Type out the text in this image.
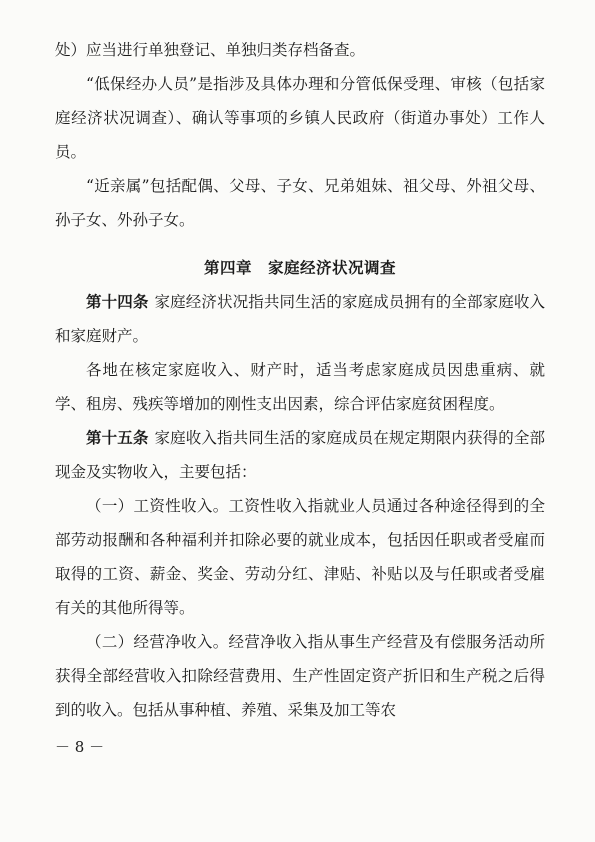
处）应当进行单独登记、单独归类存档备查。

“低保经办人员”是指涉及具体办理和分管低保受理、审核（包括家庭经济状况调查）、确认等事项的乡镇人民政府（街道办事处）工作人员。

“近亲属”包括配偶、父母、子女、兄弟姐妹、祖父母、外祖父母、孙子女、外孙子女。

第四章　家庭经济状况调查

第十四条 家庭经济状况指共同生活的家庭成员拥有的全部家庭收入和家庭财产。

各地在核定家庭收入、财产时，适当考虑家庭成员因患重病、就学、租房、残疾等增加的刚性支出因素，综合评估家庭贫困程度。

第十五条 家庭收入指共同生活的家庭成员在规定期限内获得的全部现金及实物收入，主要包括：

（一）工资性收入。工资性收入指就业人员通过各种途径得到的全部劳动报酬和各种福利并扣除必要的就业成本，包括因任职或者受雇而取得的工资、薪金、奖金、劳动分红、津贴、补贴以及与任职或者受雇有关的其他所得等。

（二）经营净收入。经营净收入指从事生产经营及有偿服务活动所获得全部经营收入扣除经营费用、生产性固定资产折旧和生产税之后得到的收入。包括从事种植、养殖、采集及加工等农

－ 8 －
